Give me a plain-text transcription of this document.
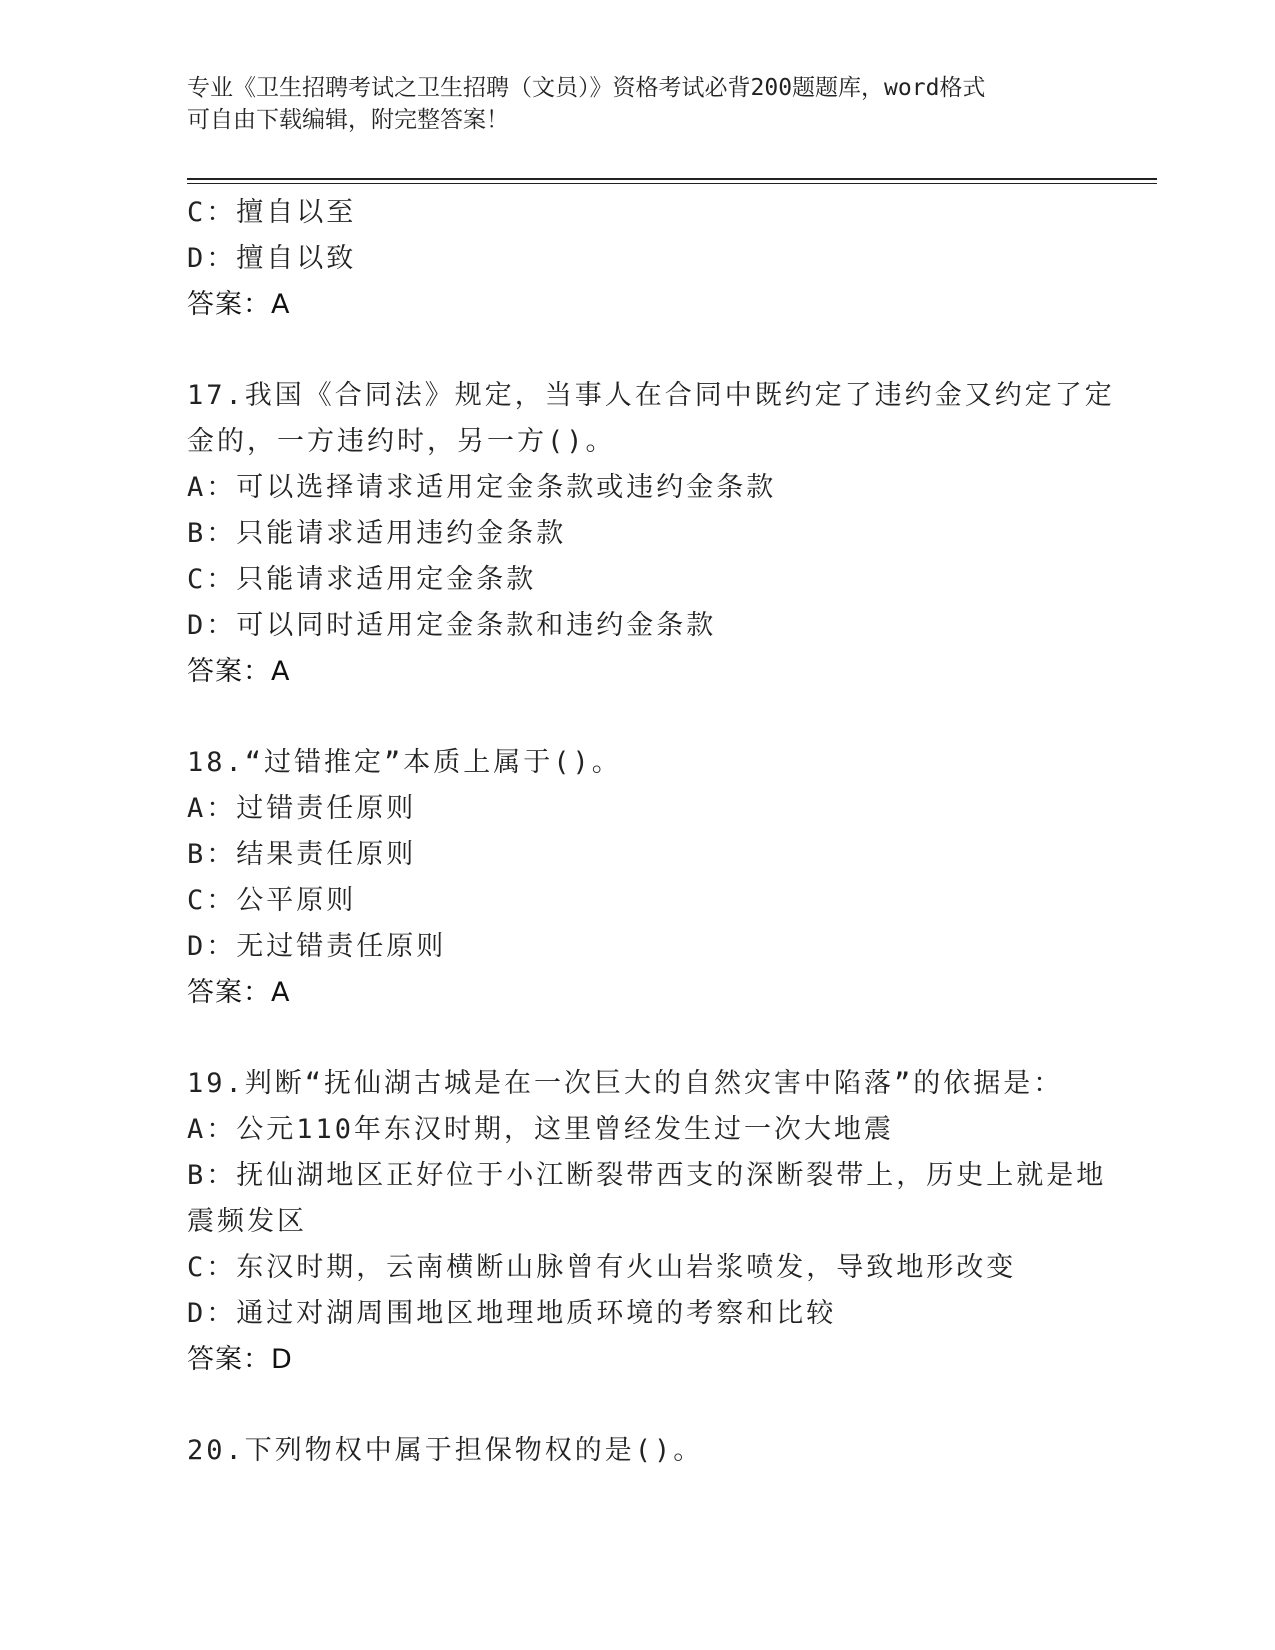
专业《卫生招聘考试之卫生招聘（文员）》资格考试必背200题题库，word格式
可自由下载编辑，附完整答案！
C：擅自以至
D：擅自以致
答案：A
17.我国《合同法》规定，当事人在合同中既约定了违约金又约定了定
金的，一方违约时，另一方()。
A：可以选择请求适用定金条款或违约金条款
B：只能请求适用违约金条款
C：只能请求适用定金条款
D：可以同时适用定金条款和违约金条款
答案：A
18.“过错推定”本质上属于()。
A：过错责任原则
B：结果责任原则
C：公平原则
D：无过错责任原则
答案：A
19.判断“抚仙湖古城是在一次巨大的自然灾害中陷落”的依据是：
A：公元110年东汉时期，这里曾经发生过一次大地震
B：抚仙湖地区正好位于小江断裂带西支的深断裂带上，历史上就是地
震频发区
C：东汉时期，云南横断山脉曾有火山岩浆喷发，导致地形改变
D：通过对湖周围地区地理地质环境的考察和比较
答案：D
20.下列物权中属于担保物权的是()。
